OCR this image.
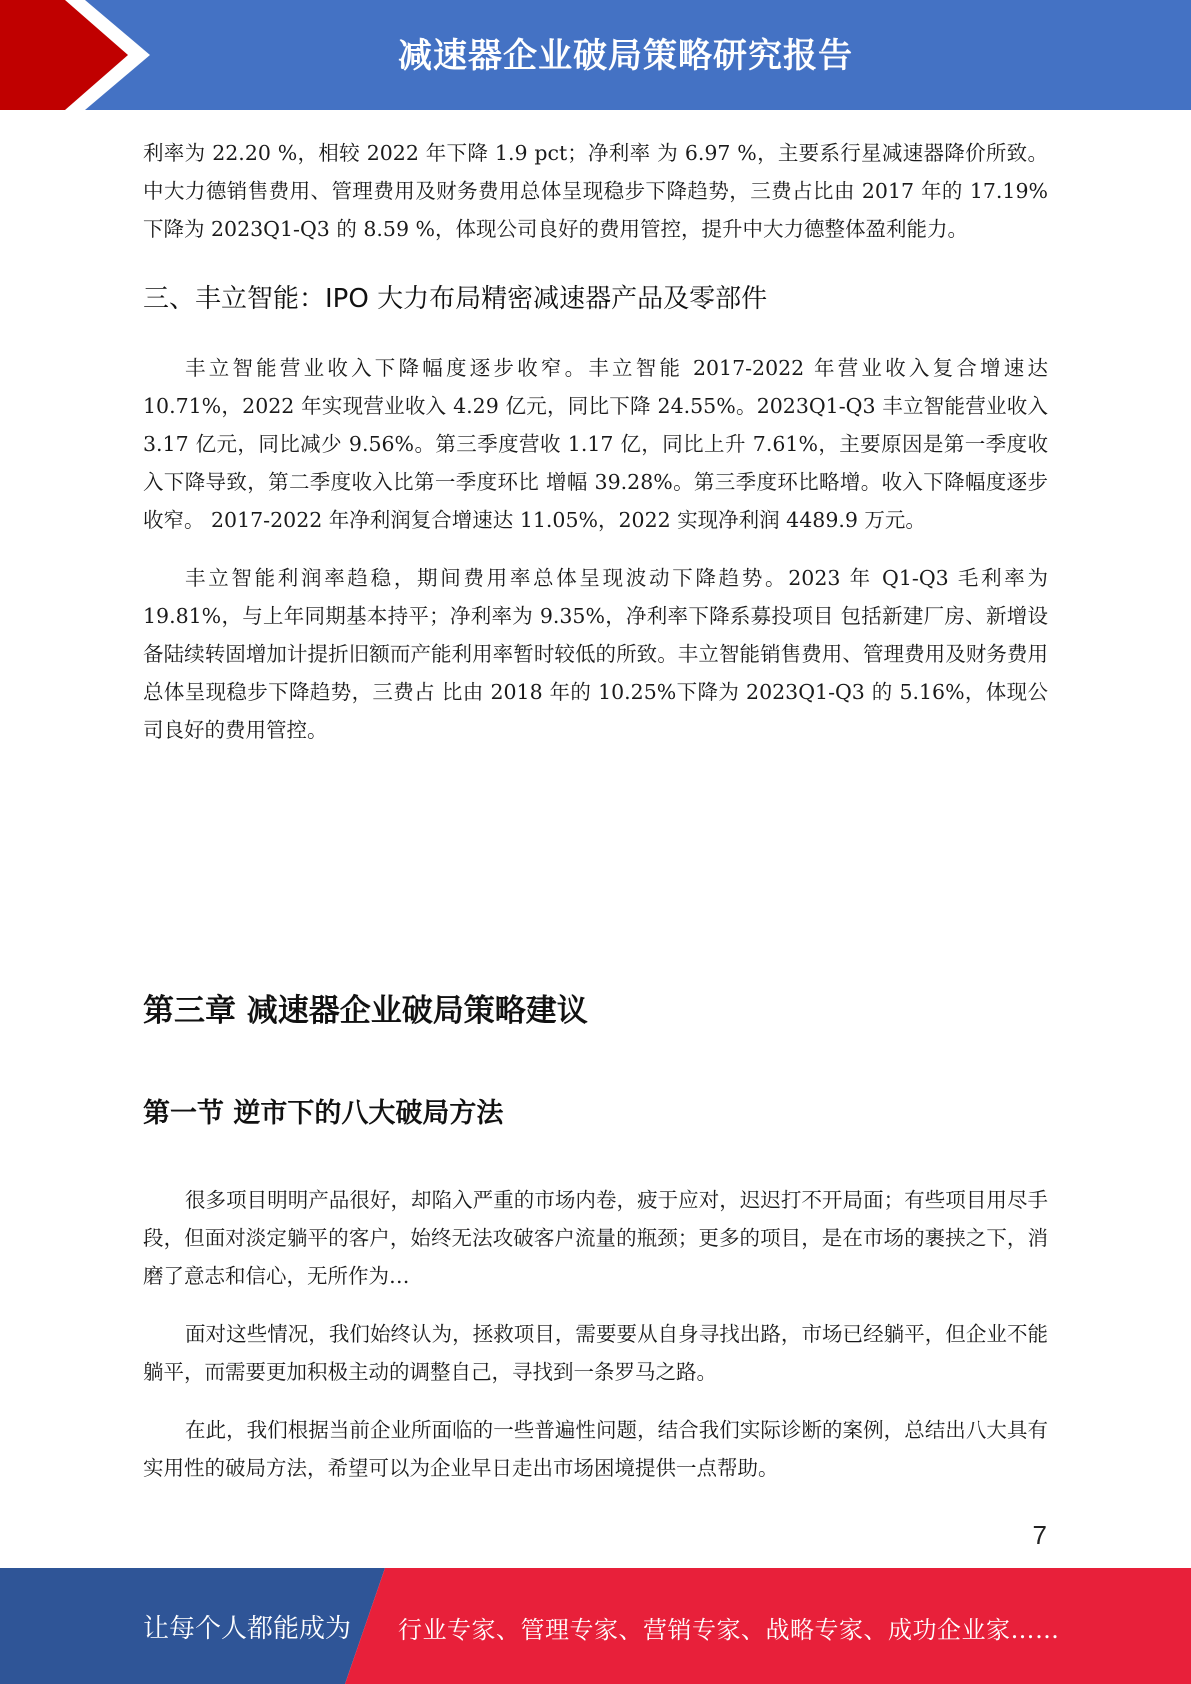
减速器企业破局策略研究报告

利率为 22.20 %，相较 2022 年下降 1.9 pct；净利率 为 6.97 %，主要系行星减速器降价所致。中大力德销售费用、管理费用及财务费用总体呈现稳步下降趋势，三费占比由 2017 年的 17.19%下降为 2023Q1-Q3 的 8.59 %，体现公司良好的费用管控，提升中大力德整体盈利能力。

三、丰立智能：IPO 大力布局精密减速器产品及零部件

丰立智能营业收入下降幅度逐步收窄。丰立智能 2017-2022 年营业收入复合增速达 10.71%，2022 年实现营业收入 4.29 亿元，同比下降 24.55%。2023Q1-Q3 丰立智能营业收入 3.17 亿元，同比减少 9.56%。第三季度营收 1.17 亿，同比上升 7.61%，主要原因是第一季度收入下降导致，第二季度收入比第一季度环比 增幅 39.28%。第三季度环比略增。收入下降幅度逐步收窄。 2017-2022 年净利润复合增速达 11.05%，2022 实现净利润 4489.9 万元。

丰立智能利润率趋稳，期间费用率总体呈现波动下降趋势。2023 年 Q1-Q3 毛利率为 19.81%，与上年同期基本持平；净利率为 9.35%，净利率下降系募投项目 包括新建厂房、新增设备陆续转固增加计提折旧额而产能利用率暂时较低的所致。丰立智能销售费用、管理费用及财务费用总体呈现稳步下降趋势，三费占 比由 2018 年的 10.25%下降为 2023Q1-Q3 的 5.16%，体现公司良好的费用管控。

第三章 减速器企业破局策略建议
第一节 逆市下的八大破局方法

很多项目明明产品很好，却陷入严重的市场内卷，疲于应对，迟迟打不开局面；有些项目用尽手段，但面对淡定躺平的客户，始终无法攻破客户流量的瓶颈；更多的项目，是在市场的裹挟之下，消磨了意志和信心，无所作为…

面对这些情况，我们始终认为，拯救项目，需要要从自身寻找出路，市场已经躺平，但企业不能躺平，而需要更加积极主动的调整自己，寻找到一条罗马之路。

在此，我们根据当前企业所面临的一些普遍性问题，结合我们实际诊断的案例，总结出八大具有实用性的破局方法，希望可以为企业早日走出市场困境提供一点帮助。

7
让每个人都能成为 行业专家、管理专家、营销专家、战略专家、成功企业家……
